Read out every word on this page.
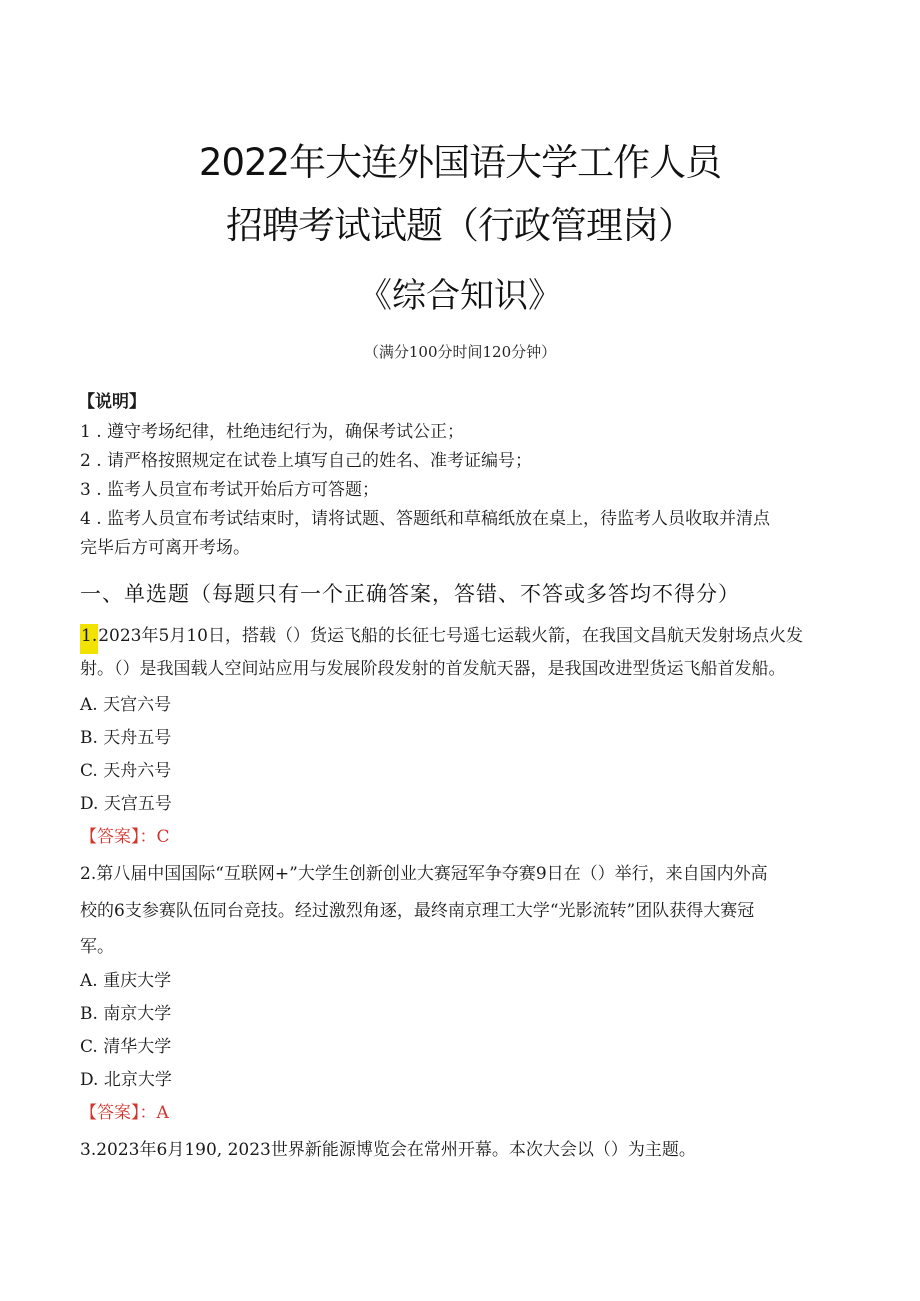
2022年大连外国语大学工作人员
招聘考试试题（行政管理岗）
《综合知识》
（满分100分时间120分钟）
【说明】
1 . 遵守考场纪律，杜绝违纪行为，确保考试公正；
2 . 请严格按照规定在试卷上填写自己的姓名、准考证编号；
3 . 监考人员宣布考试开始后方可答题；
4 . 监考人员宣布考试结束时，请将试题、答题纸和草稿纸放在桌上，待监考人员收取并清点
完毕后方可离开考场。
一、单选题（每题只有一个正确答案，答错、不答或多答均不得分）
1.2023年5月10日，搭载（）货运飞船的长征七号遥七运载火箭，在我国文昌航天发射场点火发
射。（）是我国载人空间站应用与发展阶段发射的首发航天器，是我国改进型货运飞船首发船。
A. 天宫六号
B. 天舟五号
C. 天舟六号
D. 天宫五号
【答案】：C
2.第八届中国国际“互联网+”大学生创新创业大赛冠军争夺赛9日在（）举行，来自国内外高
校的6支参赛队伍同台竞技。经过激烈角逐，最终南京理工大学“光影流转”团队获得大赛冠
军。
A. 重庆大学
B. 南京大学
C. 清华大学
D. 北京大学
【答案】：A
3.2023年6月190, 2023世界新能源博览会在常州开幕。本次大会以（）为主题。
